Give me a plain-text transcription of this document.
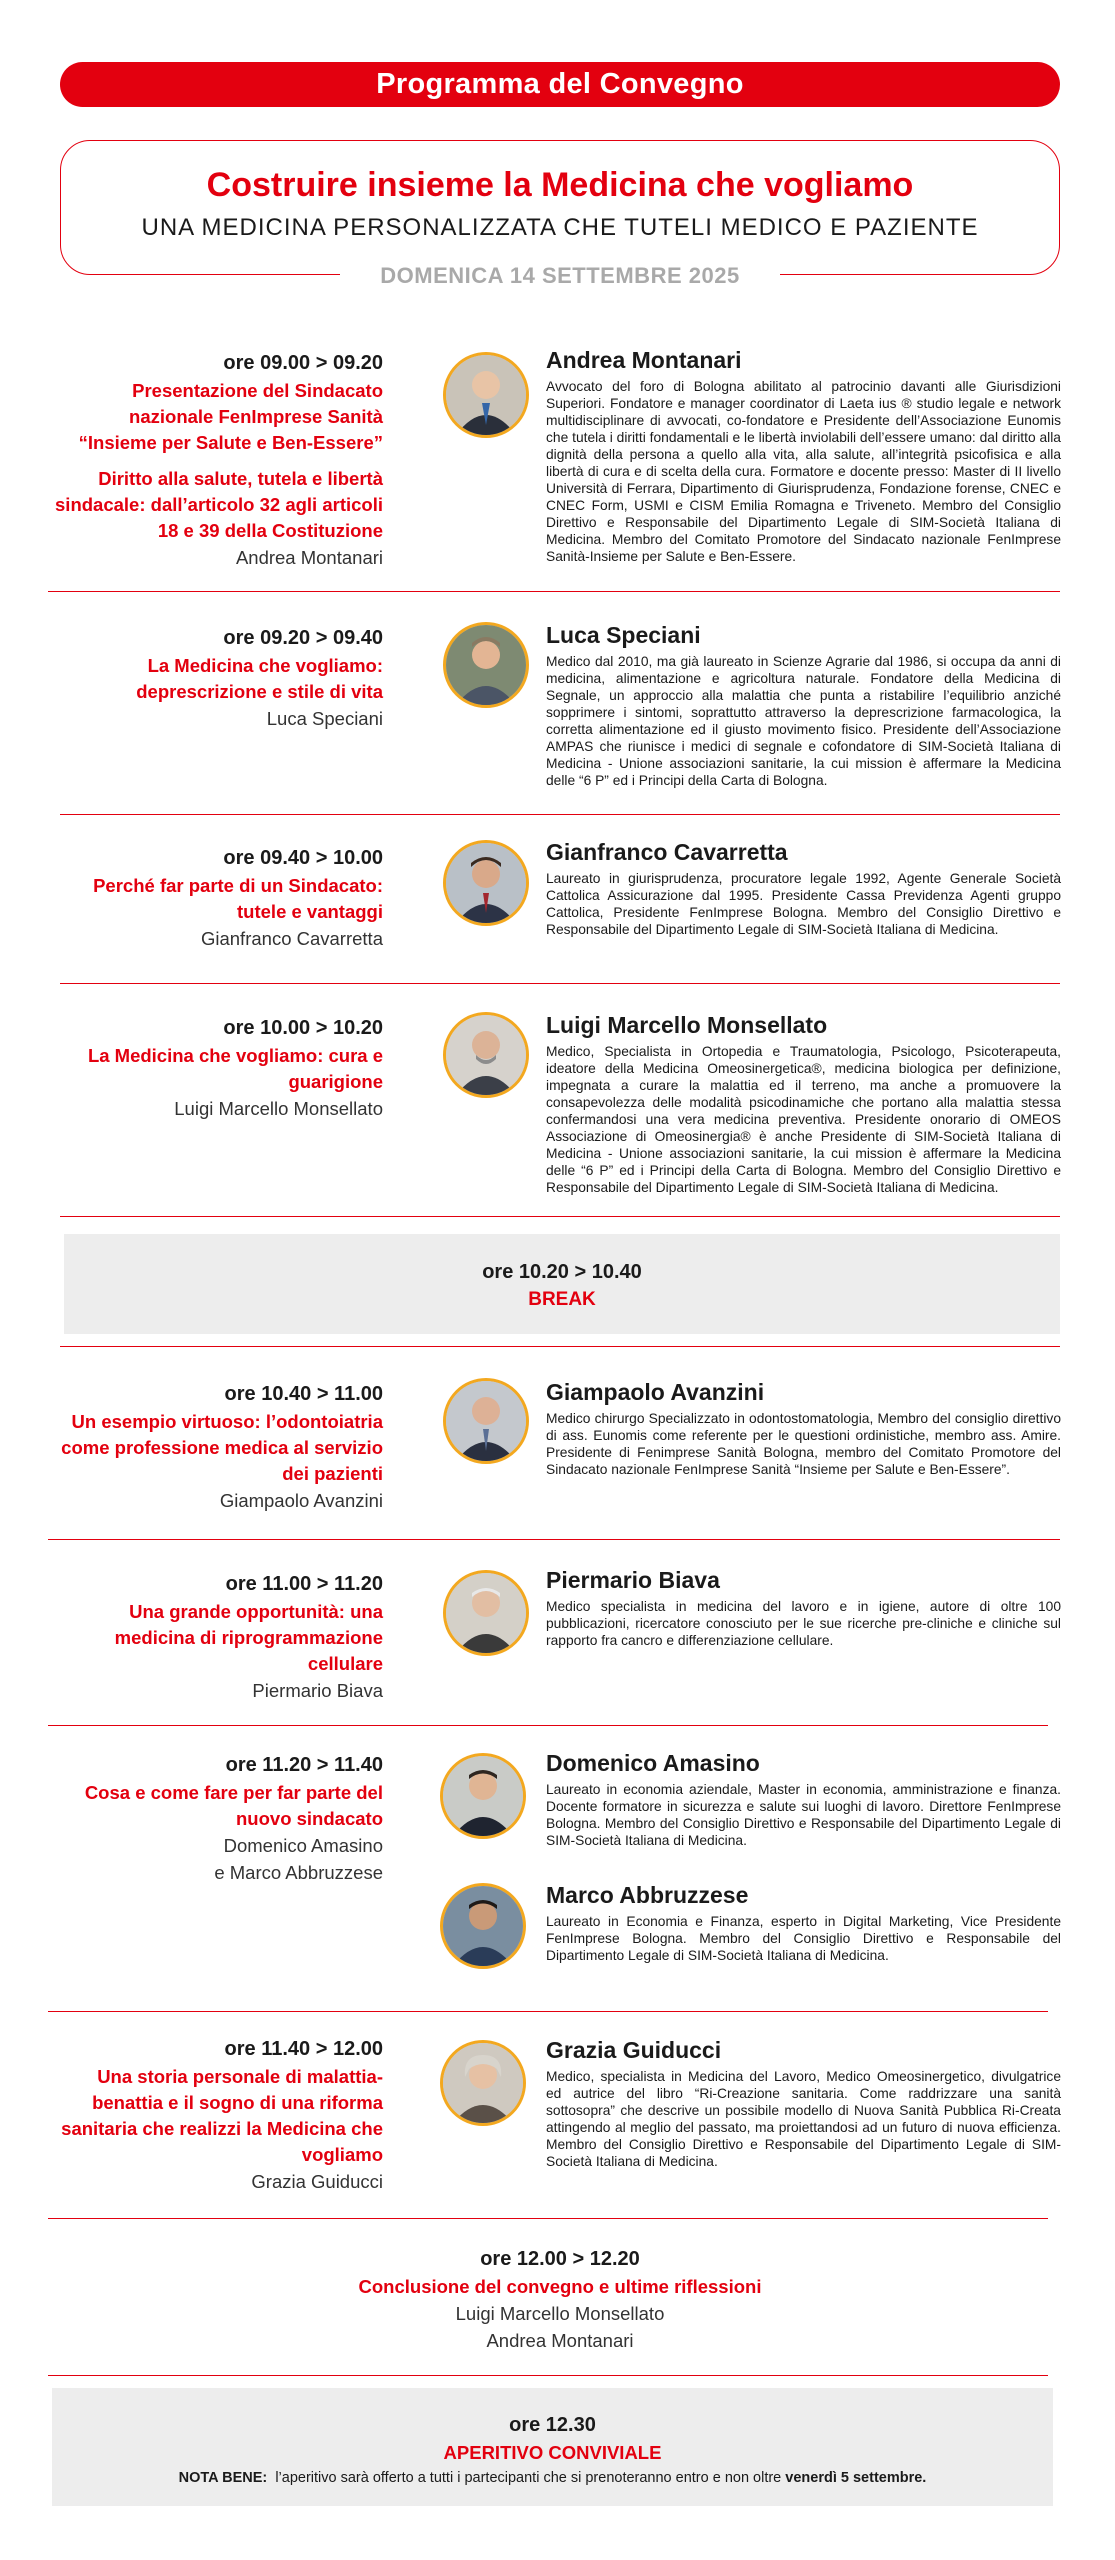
Programma del Convegno
Costruire insieme la Medicina che vogliamo
UNA MEDICINA PERSONALIZZATA CHE TUTELI MEDICO E PAZIENTE
DOMENICA 14 SETTEMBRE 2025
ore 09.00 > 09.20
Presentazione del Sindacato nazionale FenImprese Sanità “Insieme per Salute e Ben-Essere”
Diritto alla salute, tutela e libertà sindacale: dall’articolo 32 agli articoli 18 e 39 della Costituzione
Andrea Montanari
Andrea Montanari
Avvocato del foro di Bologna abilitato al patrocinio davanti alle Giurisdizioni Superiori. Fondatore e manager coordinator di Laeta ius ® studio legale e network multidisciplinare di avvocati, co-fondatore e Presidente dell’Associazione Eunomis che tutela i diritti fondamentali e le libertà inviolabili dell’essere umano: dal diritto alla dignità della persona a quello alla vita, alla salute, all’integrità psicofisica e alla libertà di cura e di scelta della cura. Formatore e docente presso: Master di II livello Università di Ferrara, Dipartimento di Giurisprudenza, Fondazione forense, CNEC e CNEC Form, USMI e CISM Emilia Romagna e Triveneto. Membro del Consiglio Direttivo e Responsabile del Dipartimento Legale di SIM-Società Italiana di Medicina. Membro del Comitato Promotore del Sindacato nazionale FenImprese Sanità-Insieme per Salute e Ben-Essere.
ore 09.20 > 09.40
La Medicina che vogliamo: deprescrizione e stile di vita
Luca Speciani
Luca Speciani
Medico dal 2010, ma già laureato in Scienze Agrarie dal 1986, si occupa da anni di medicina, alimentazione e agricoltura naturale. Fondatore della Medicina di Segnale, un approccio alla malattia che punta a ristabilire l’equilibrio anziché sopprimere i sintomi, soprattutto attraverso la deprescrizione farmacologica, la corretta alimentazione ed il giusto movimento fisico. Presidente dell’Associazione AMPAS che riunisce i medici di segnale e cofondatore di SIM-Società Italiana di Medicina - Unione associazioni sanitarie, la cui mission è affermare la Medicina delle “6 P” ed i Principi della Carta di Bologna.
ore 09.40 > 10.00
Perché far parte di un Sindacato: tutele e vantaggi
Gianfranco Cavarretta
Gianfranco Cavarretta
Laureato in giurisprudenza, procuratore legale 1992, Agente Generale Società Cattolica Assicurazione dal 1995. Presidente Cassa Previdenza Agenti gruppo Cattolica, Presidente FenImprese Bologna. Membro del Consiglio Direttivo e Responsabile del Dipartimento Legale di SIM-Società Italiana di Medicina.
ore 10.00 > 10.20
La Medicina che vogliamo: cura e guarigione
Luigi Marcello Monsellato
Luigi Marcello Monsellato
Medico, Specialista in Ortopedia e Traumatologia, Psicologo, Psicoterapeuta, ideatore della Medicina Omeosinergetica®, medicina biologica per definizione, impegnata a curare la malattia ed il terreno, ma anche a promuovere la consapevolezza delle modalità psicodinamiche che portano alla malattia stessa confermandosi una vera medicina preventiva. Presidente onorario di OMEOS Associazione di Omeosinergia® è anche Presidente di SIM-Società Italiana di Medicina - Unione associazioni sanitarie, la cui mission è affermare la Medicina delle “6 P” ed i Principi della Carta di Bologna. Membro del Consiglio Direttivo e Responsabile del Dipartimento Legale di SIM-Società Italiana di Medicina.
ore 10.20 > 10.40
BREAK
ore 10.40 > 11.00
Un esempio virtuoso: l’odontoiatria come professione medica al servizio dei pazienti
Giampaolo Avanzini
Giampaolo Avanzini
Medico chirurgo Specializzato in odontostomatologia, Membro del consiglio direttivo di ass. Eunomis come referente per le questioni ordinistiche, membro ass. Amire. Presidente di Fenimprese Sanità Bologna, membro del Comitato Promotore del Sindacato nazionale FenImprese Sanità “Insieme per Salute e Ben-Essere”.
ore 11.00 > 11.20
Una grande opportunità: una medicina di riprogrammazione cellulare
Piermario Biava
Piermario Biava
Medico specialista in medicina del lavoro e in igiene, autore di oltre 100 pubblicazioni, ricercatore conosciuto per le sue ricerche pre-cliniche e cliniche sul rapporto fra cancro e differenziazione cellulare.
ore 11.20 > 11.40
Cosa e come fare per far parte del nuovo sindacato
Domenico Amasino
e Marco Abbruzzese
Domenico Amasino
Laureato in economia aziendale, Master in economia, amministrazione e finanza. Docente formatore in sicurezza e salute sui luoghi di lavoro. Direttore FenImprese Bologna. Membro del Consiglio Direttivo e Responsabile del Dipartimento Legale di SIM-Società Italiana di Medicina.
Marco Abbruzzese
Laureato in Economia e Finanza, esperto in Digital Marketing, Vice Presidente FenImprese Bologna. Membro del Consiglio Direttivo e Responsabile del Dipartimento Legale di SIM-Società Italiana di Medicina.
ore 11.40 > 12.00
Una storia personale di malattia-benattia e il sogno di una riforma sanitaria che realizzi la Medicina che vogliamo
Grazia Guiducci
Grazia Guiducci
Medico, specialista in Medicina del Lavoro, Medico Omeosinergetico, divulgatrice ed autrice del libro “Ri-Creazione sanitaria. Come raddrizzare una sanità sottosopra” che descrive un possibile modello di Nuova Sanità Pubblica Ri-Creata attingendo al meglio del passato, ma proiettandosi ad un futuro di nuova efficienza. Membro del Consiglio Direttivo e Responsabile del Dipartimento Legale di SIM-Società Italiana di Medicina.
ore 12.00 > 12.20
Conclusione del convegno e ultime riflessioni
Luigi Marcello Monsellato
Andrea Montanari
ore 12.30
APERITIVO CONVIVIALE
NOTA BENE: l’aperitivo sarà offerto a tutti i partecipanti che si prenoteranno entro e non oltre venerdì 5 settembre.
